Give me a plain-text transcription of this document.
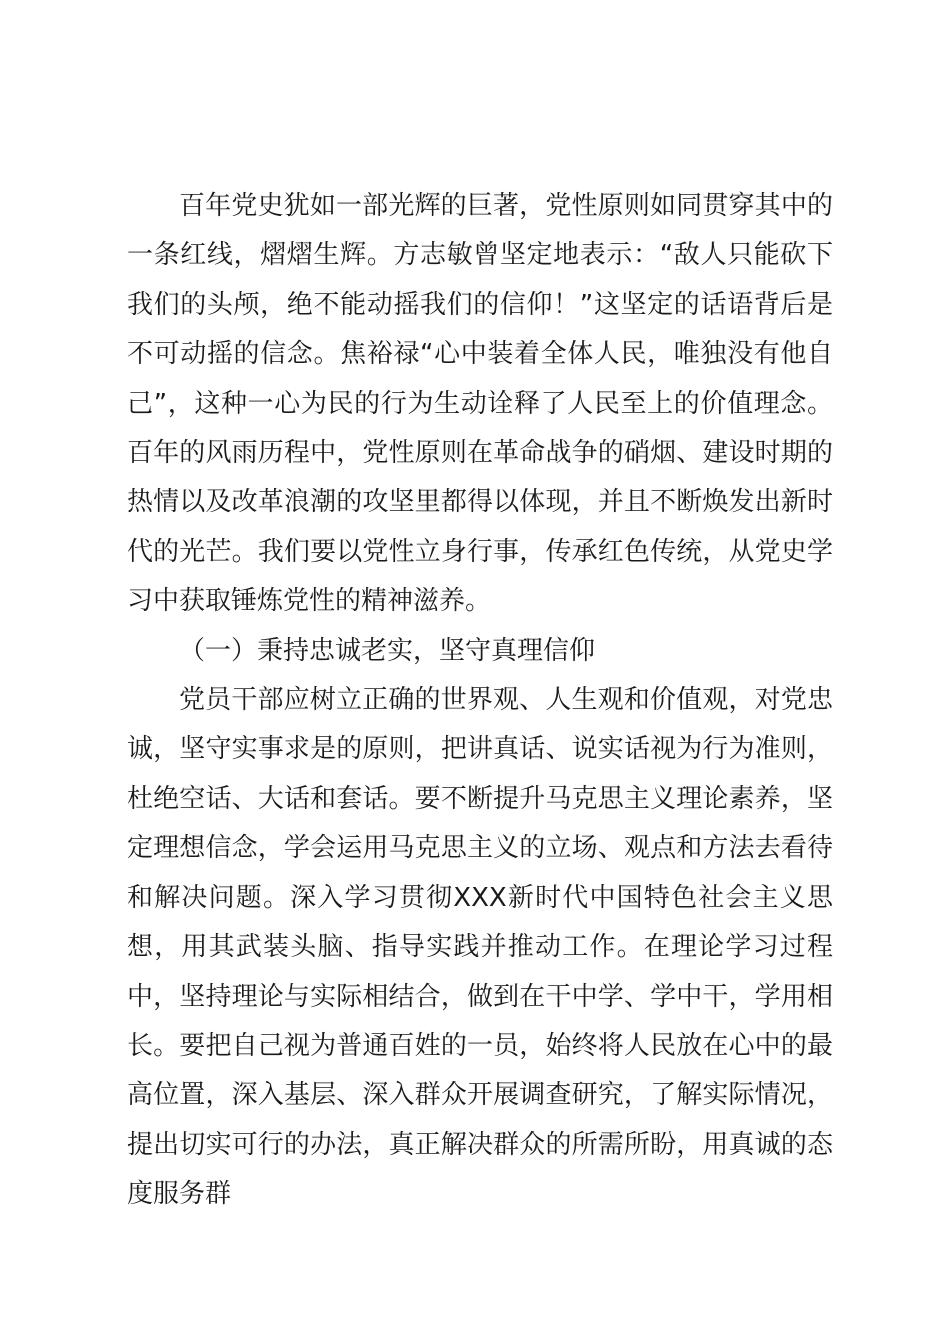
百年党史犹如一部光辉的巨著，党性原则如同贯穿其中的一条红线，熠熠生辉。方志敏曾坚定地表示：“敌人只能砍下我们的头颅，绝不能动摇我们的信仰！”这坚定的话语背后是不可动摇的信念。焦裕禄“心中装着全体人民，唯独没有他自己”，这种一心为民的行为生动诠释了人民至上的价值理念。百年的风雨历程中，党性原则在革命战争的硝烟、建设时期的热情以及改革浪潮的攻坚里都得以体现，并且不断焕发出新时代的光芒。我们要以党性立身行事，传承红色传统，从党史学习中获取锤炼党性的精神滋养。

（一）秉持忠诚老实，坚守真理信仰

党员干部应树立正确的世界观、人生观和价值观，对党忠诚，坚守实事求是的原则，把讲真话、说实话视为行为准则，杜绝空话、大话和套话。要不断提升马克思主义理论素养，坚定理想信念，学会运用马克思主义的立场、观点和方法去看待和解决问题。深入学习贯彻XXX新时代中国特色社会主义思想，用其武装头脑、指导实践并推动工作。在理论学习过程中，坚持理论与实际相结合，做到在干中学、学中干，学用相长。要把自己视为普通百姓的一员，始终将人民放在心中的最高位置，深入基层、深入群众开展调查研究，了解实际情况，提出切实可行的办法，真正解决群众的所需所盼，用真诚的态度服务群
